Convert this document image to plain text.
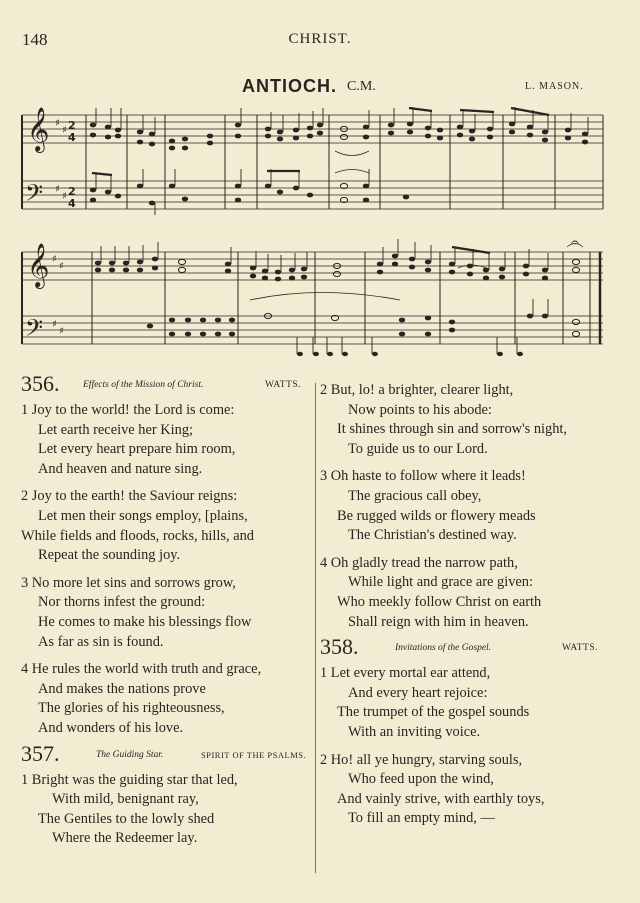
148	CHRIST.
ANTIOCH. C.M.	L. MASON.
𝄞
𝄢
𝄞
𝄢
♯
♯
♯
♯
♯
♯
♯
♯
2
4
2
4
𝄐
356. Effects of the Mission of Christ.	WATTS.
1 Joy to the world! the Lord is come:
Let earth receive her King;
Let every heart prepare him room,
And heaven and nature sing.
2 Joy to the earth! the Saviour reigns:
Let men their songs employ, [plains,
While fields and floods, rocks, hills, and
Repeat the sounding joy.
3 No more let sins and sorrows grow,
Nor thorns infest the ground:
He comes to make his blessings flow
As far as sin is found.
4 He rules the world with truth and grace,
And makes the nations prove
The glories of his righteousness,
And wonders of his love.
357.	The Guiding Star.	SPIRIT OF THE PSALMS.
1 Bright was the guiding star that led,
With mild, benignant ray,
The Gentiles to the lowly shed
Where the Redeemer lay.
2 But, lo! a brighter, clearer light,
Now points to his abode:
It shines through sin and sorrow's night,
To guide us to our Lord.
3 Oh haste to follow where it leads!
The gracious call obey,
Be rugged wilds or flowery meads
The Christian's destined way.
4 Oh gladly tread the narrow path,
While light and grace are given:
Who meekly follow Christ on earth
Shall reign with him in heaven.
358.	Invitations of the Gospel.	WATTS.
1 Let every mortal ear attend,
And every heart rejoice:
The trumpet of the gospel sounds
With an inviting voice.
2 Ho! all ye hungry, starving souls,
Who feed upon the wind,
And vainly strive, with earthly toys,
To fill an empty mind, —
